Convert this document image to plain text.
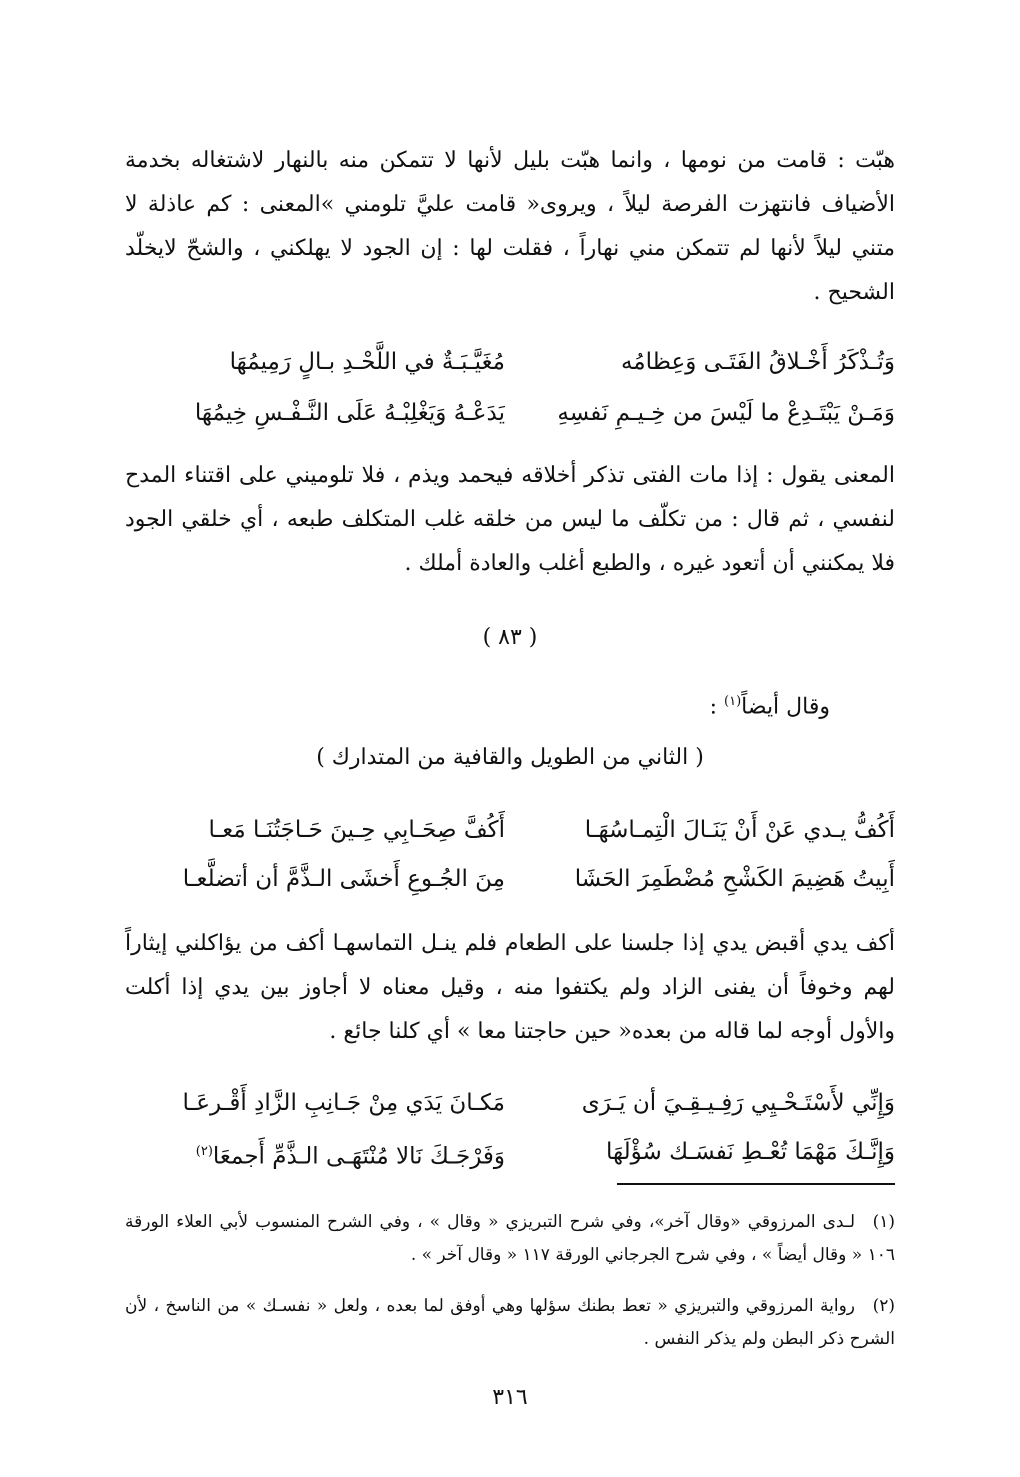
هبّت : قامت من نومها ، وانما هبّت بليل لأنها لا تتمكن منه بالنهار لاشتغاله بخدمة الأضياف فانتهزت الفرصة ليلاً ، ويروى« قامت عليَّ تلومني »المعنى : كم عاذلة لا متني ليلاً لأنها لم تتمكن مني نهاراً ، فقلت لها : إن الجود لا يهلكني ، والشحّ لايخلّد الشحيح .
وَتُـذْكَرُ أَخْـلاقُ الفَتَـى وَعِظامُه
مُغَيَّـبَـةٌ في اللَّحْـدِ بـالٍ رَمِيمُهَا
وَمَـنْ يَبْتَـدِعْ ما لَيْسَ من خِـيـمِ نَفسِهِ
يَدَعْـهُ وَيَغْلِبْـهُ عَلَى النَّـفْـسِ خِيمُهَا
المعنى يقول : إذا مات الفتى تذكر أخلاقه فيحمد ويذم ، فلا تلوميني على اقتناء المدح لنفسي ، ثم قال : من تكلّف ما ليس من خلقه غلب المتكلف طبعه ، أي خلقي الجود فلا يمكنني أن أتعود غيره ، والطبع أغلب والعادة أملك .
( ٨٣ )
وقال أيضاً$^{(١)}$ :
( الثاني من الطويل والقافية من المتدارك )
أَكُفُّ يـدي عَنْ أَنْ يَنَـالَ الْتِمـاسُهَـا
أَكُفَّ صِحَـابِي حِـينَ حَـاجَتُنَـا مَعـا
أَبِيتُ هَضِيمَ الكَشْحِ مُضْطَمِرَ الحَشَا
مِنَ الجُـوعِ أَخشَى الـذَّمَّ أن أتضلَّعـا
أكف يدي أقبض يدي إذا جلسنا على الطعام فلم ينـل التماسهـا أكف من يؤاكلني إيثاراً لهم وخوفاً أن يفنى الزاد ولم يكتفوا منه ، وقيل معناه لا أجاوز بين يدي إذا أكلت والأول أوجه لما قاله من بعده« حين حاجتنا معا » أي كلنا جائع .
وَإِنِّي لأَسْتَـحْـيِي رَفِـيـقِـيَ أن يَـرَى
مَكـانَ يَدَي مِنْ جَـانِبِ الزَّادِ أَقْـرعَـا
وَإِنَّـكَ مَهْمَا تُعْـطِ نَفسَـك سُؤْلَهَا
وَفَرْجَـكَ نَالا مُنْتَهَـى الـذَّمِّ أَجمعَا$^{(٢)}$
(١)لـدى المرزوقي «وقال آخر»، وفي شرح التبريزي « وقال » ، وفي الشرح المنسوب لأبي العلاء الورقة ١٠٦ « وقال أيضاً » ، وفي شرح الجرجاني الورقة ١١٧ « وقال آخر » .
(٢)رواية المرزوقي والتبريزي « تعط بطنك سؤلها وهي أوفق لما بعده ، ولعل « نفسـك » من الناسخ ، لأن الشرح ذكر البطن ولم يذكر النفس .
٣١٦
